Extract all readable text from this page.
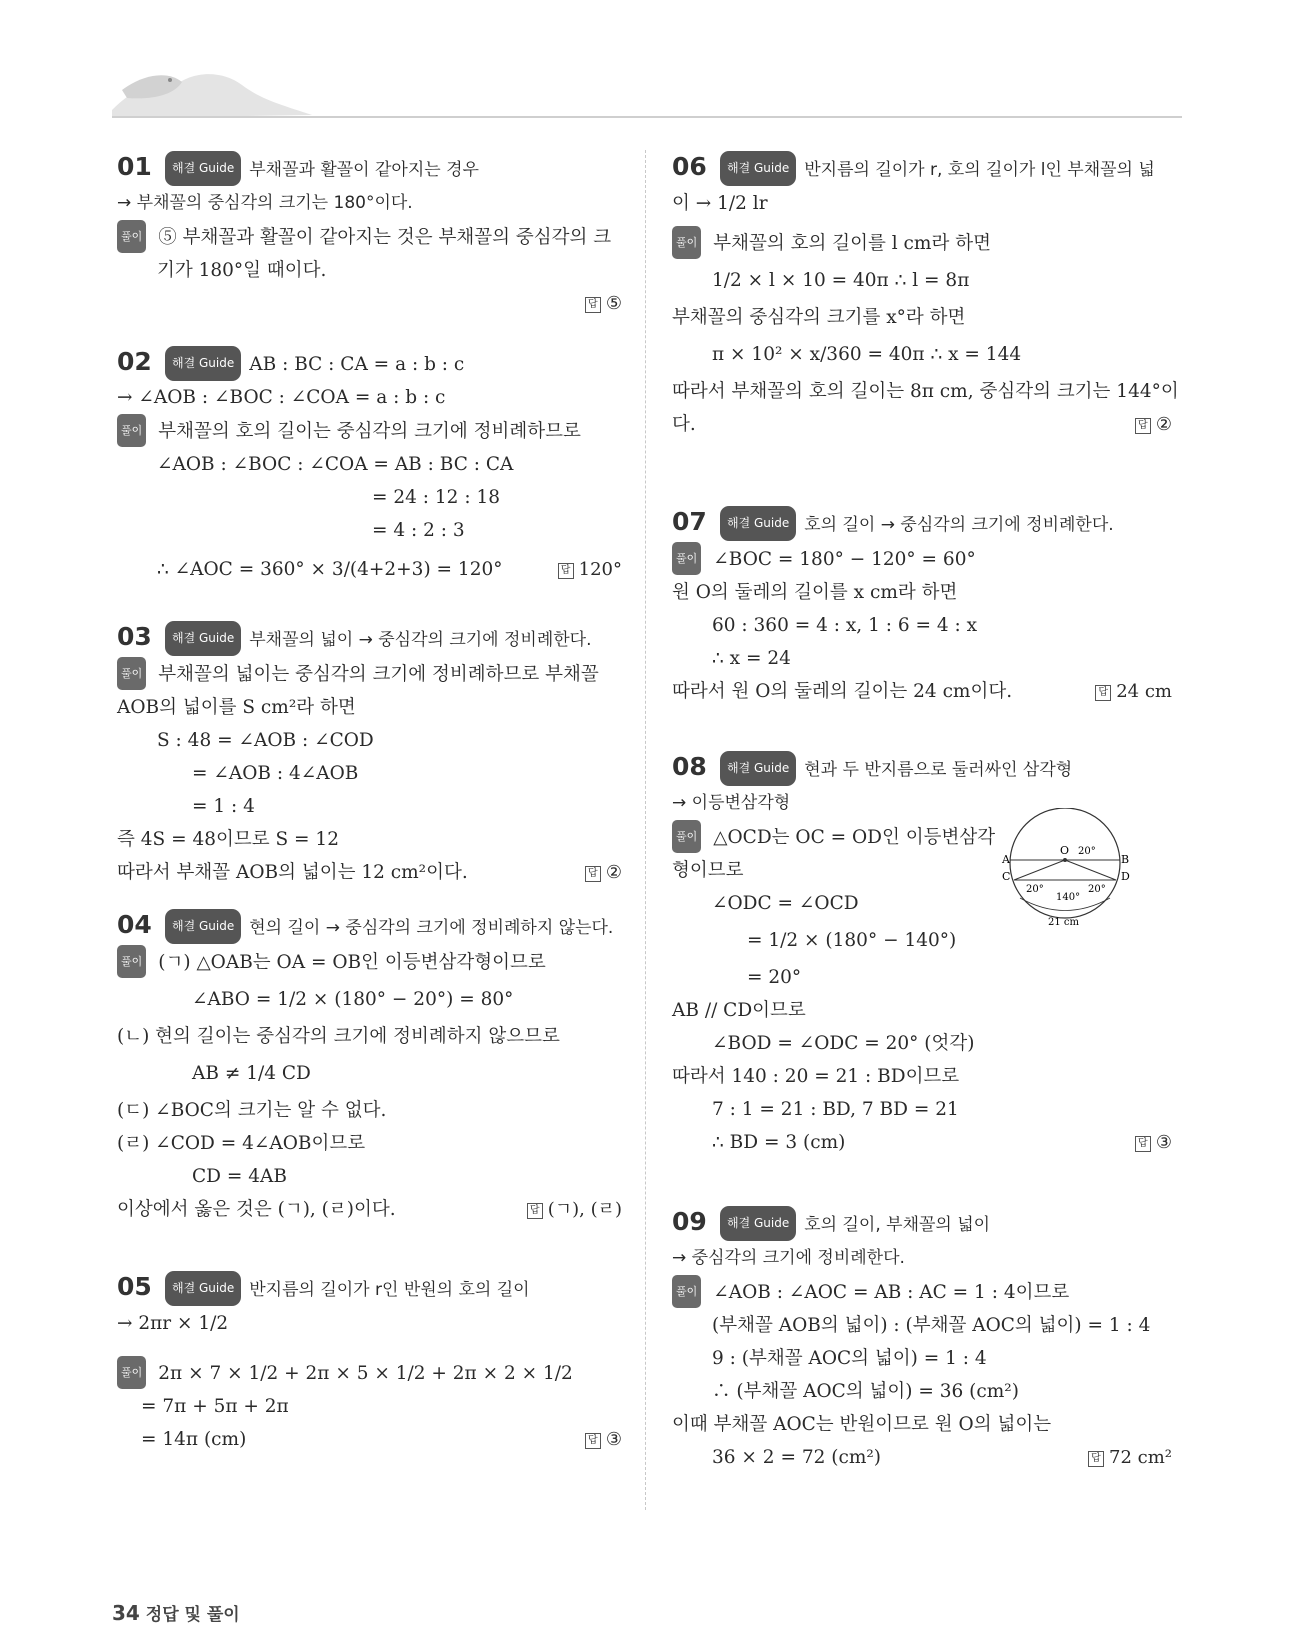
01 해결 Guide 부채꼴과 활꼴이 같아지는 경우
→ 부채꼴의 중심각의 크기는 180°이다.
풀이 ⑤ 부채꼴과 활꼴이 같아지는 것은 부채꼴의 중심각의 크
기가 180°일 때이다.
답 ⑤
02 해결 Guide AB : BC : CA = a : b : c
→ ∠AOB : ∠BOC : ∠COA = a : b : c
풀이 부채꼴의 호의 길이는 중심각의 크기에 정비례하므로
∠AOB : ∠BOC : ∠COA = AB : BC : CA
= 24 : 12 : 18
= 4 : 2 : 3
∴ ∠AOC = 360° × 3/(4+2+3) = 120°	답 120°
03 해결 Guide 부채꼴의 넓이 → 중심각의 크기에 정비례한다.
풀이 부채꼴의 넓이는 중심각의 크기에 정비례하므로 부채꼴
AOB의 넓이를 S cm²라 하면
S : 48 = ∠AOB : ∠COD
= ∠AOB : 4∠AOB
= 1 : 4
즉 4S = 48이므로 S = 12
따라서 부채꼴 AOB의 넓이는 12 cm²이다.	답 ②
04 해결 Guide 현의 길이 → 중심각의 크기에 정비례하지 않는다.
풀이 (ㄱ) △OAB는 OA = OB인 이등변삼각형이므로
∠ABO = 1/2 × (180° − 20°) = 80°
(ㄴ) 현의 길이는 중심각의 크기에 정비례하지 않으므로
AB ≠ 1/4 CD
(ㄷ) ∠BOC의 크기는 알 수 없다.
(ㄹ) ∠COD = 4∠AOB이므로
CD = 4AB
이상에서 옳은 것은 (ㄱ), (ㄹ)이다.	답 (ㄱ), (ㄹ)
05 해결 Guide 반지름의 길이가 r인 반원의 호의 길이
→ 2πr × 1/2
풀이 2π × 7 × 1/2 + 2π × 5 × 1/2 + 2π × 2 × 1/2
= 7π + 5π + 2π
= 14π (cm)	답 ③
06 해결 Guide 반지름의 길이가 r, 호의 길이가 l인 부채꼴의 넓
이 → 1/2 lr
풀이 부채꼴의 호의 길이를 l cm라 하면
1/2 × l × 10 = 40π ∴ l = 8π
부채꼴의 중심각의 크기를 x°라 하면
π × 10² × x/360 = 40π ∴ x = 144
따라서 부채꼴의 호의 길이는 8π cm, 중심각의 크기는 144°이
다.	답 ②
07 해결 Guide 호의 길이 → 중심각의 크기에 정비례한다.
풀이 ∠BOC = 180° − 120° = 60°
원 O의 둘레의 길이를 x cm라 하면
60 : 360 = 4 : x, 1 : 6 = 4 : x
∴ x = 24
따라서 원 O의 둘레의 길이는 24 cm이다.	답 24 cm
08 해결 Guide 현과 두 반지름으로 둘러싸인 삼각형
→ 이등변삼각형
풀이 △OCD는 OC = OD인 이등변삼각
형이므로
∠ODC = ∠OCD
= 1/2 × (180° − 140°)
= 20°
AB // CD이므로
∠BOD = ∠ODC = 20° (엇각)
따라서 140 : 20 = 21 : BD이므로
7 : 1 = 21 : BD, 7 BD = 21
∴ BD = 3 (cm)	답 ③
09 해결 Guide 호의 길이, 부채꼴의 넓이
→ 중심각의 크기에 정비례한다.
풀이 ∠AOB : ∠AOC = AB : AC = 1 : 4이므로
(부채꼴 AOB의 넓이) : (부채꼴 AOC의 넓이) = 1 : 4
9 : (부채꼴 AOC의 넓이) = 1 : 4
∴ (부채꼴 AOC의 넓이) = 36 (cm²)
이때 부채꼴 AOC는 반원이므로 원 O의 넓이는
36 × 2 = 72 (cm²)	답 72 cm²
A	B
C	D
O 20°
20°	20°
140°
21 cm
34 정답 및 풀이
